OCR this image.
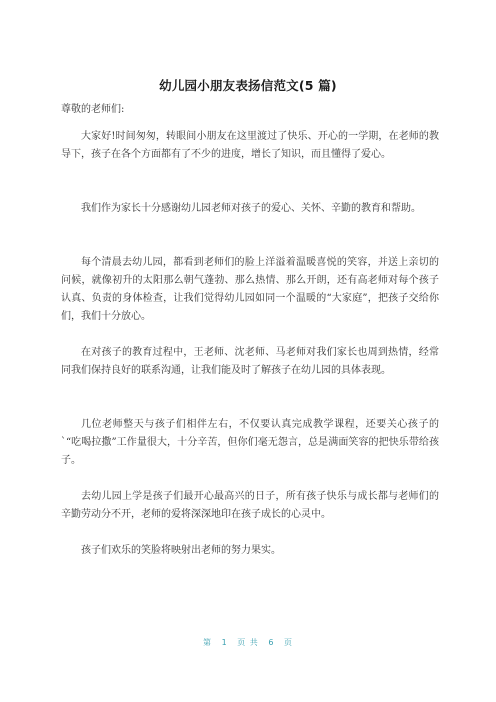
幼儿园小朋友表扬信范文(5 篇)
尊敬的老师们:

大家好!时间匆匆，转眼间小朋友在这里渡过了快乐、开心的一学期，在老师的教导下，孩子在各个方面都有了不少的进度，增长了知识，而且懂得了爱心。

我们作为家长十分感谢幼儿园老师对孩子的爱心、关怀、辛勤的教育和帮助。

每个清晨去幼儿园，都看到老师们的脸上洋溢着温暖喜悦的笑容，并送上亲切的问候，就像初升的太阳那么朝气蓬勃、那么热情、那么开朗，还有高老师对每个孩子认真、负责的身体检查，让我们觉得幼儿园如同一个温暖的“大家庭”，把孩子交给你们，我们十分放心。

在对孩子的教育过程中，王老师、沈老师、马老师对我们家长也周到热情，经常同我们保持良好的联系沟通，让我们能及时了解孩子在幼儿园的具体表现。

几位老师整天与孩子们相伴左右，不仅要认真完成教学课程，还要关心孩子的`“吃喝拉撒”工作量很大，十分辛苦，但你们毫无怨言，总是满面笑容的把快乐带给孩子。

去幼儿园上学是孩子们最开心最高兴的日子，所有孩子快乐与成长都与老师们的辛勤劳动分不开，老师的爱将深深地印在孩子成长的心灵中。

孩子们欢乐的笑脸将映射出老师的努力果实。

第 1 页 共 6 页
